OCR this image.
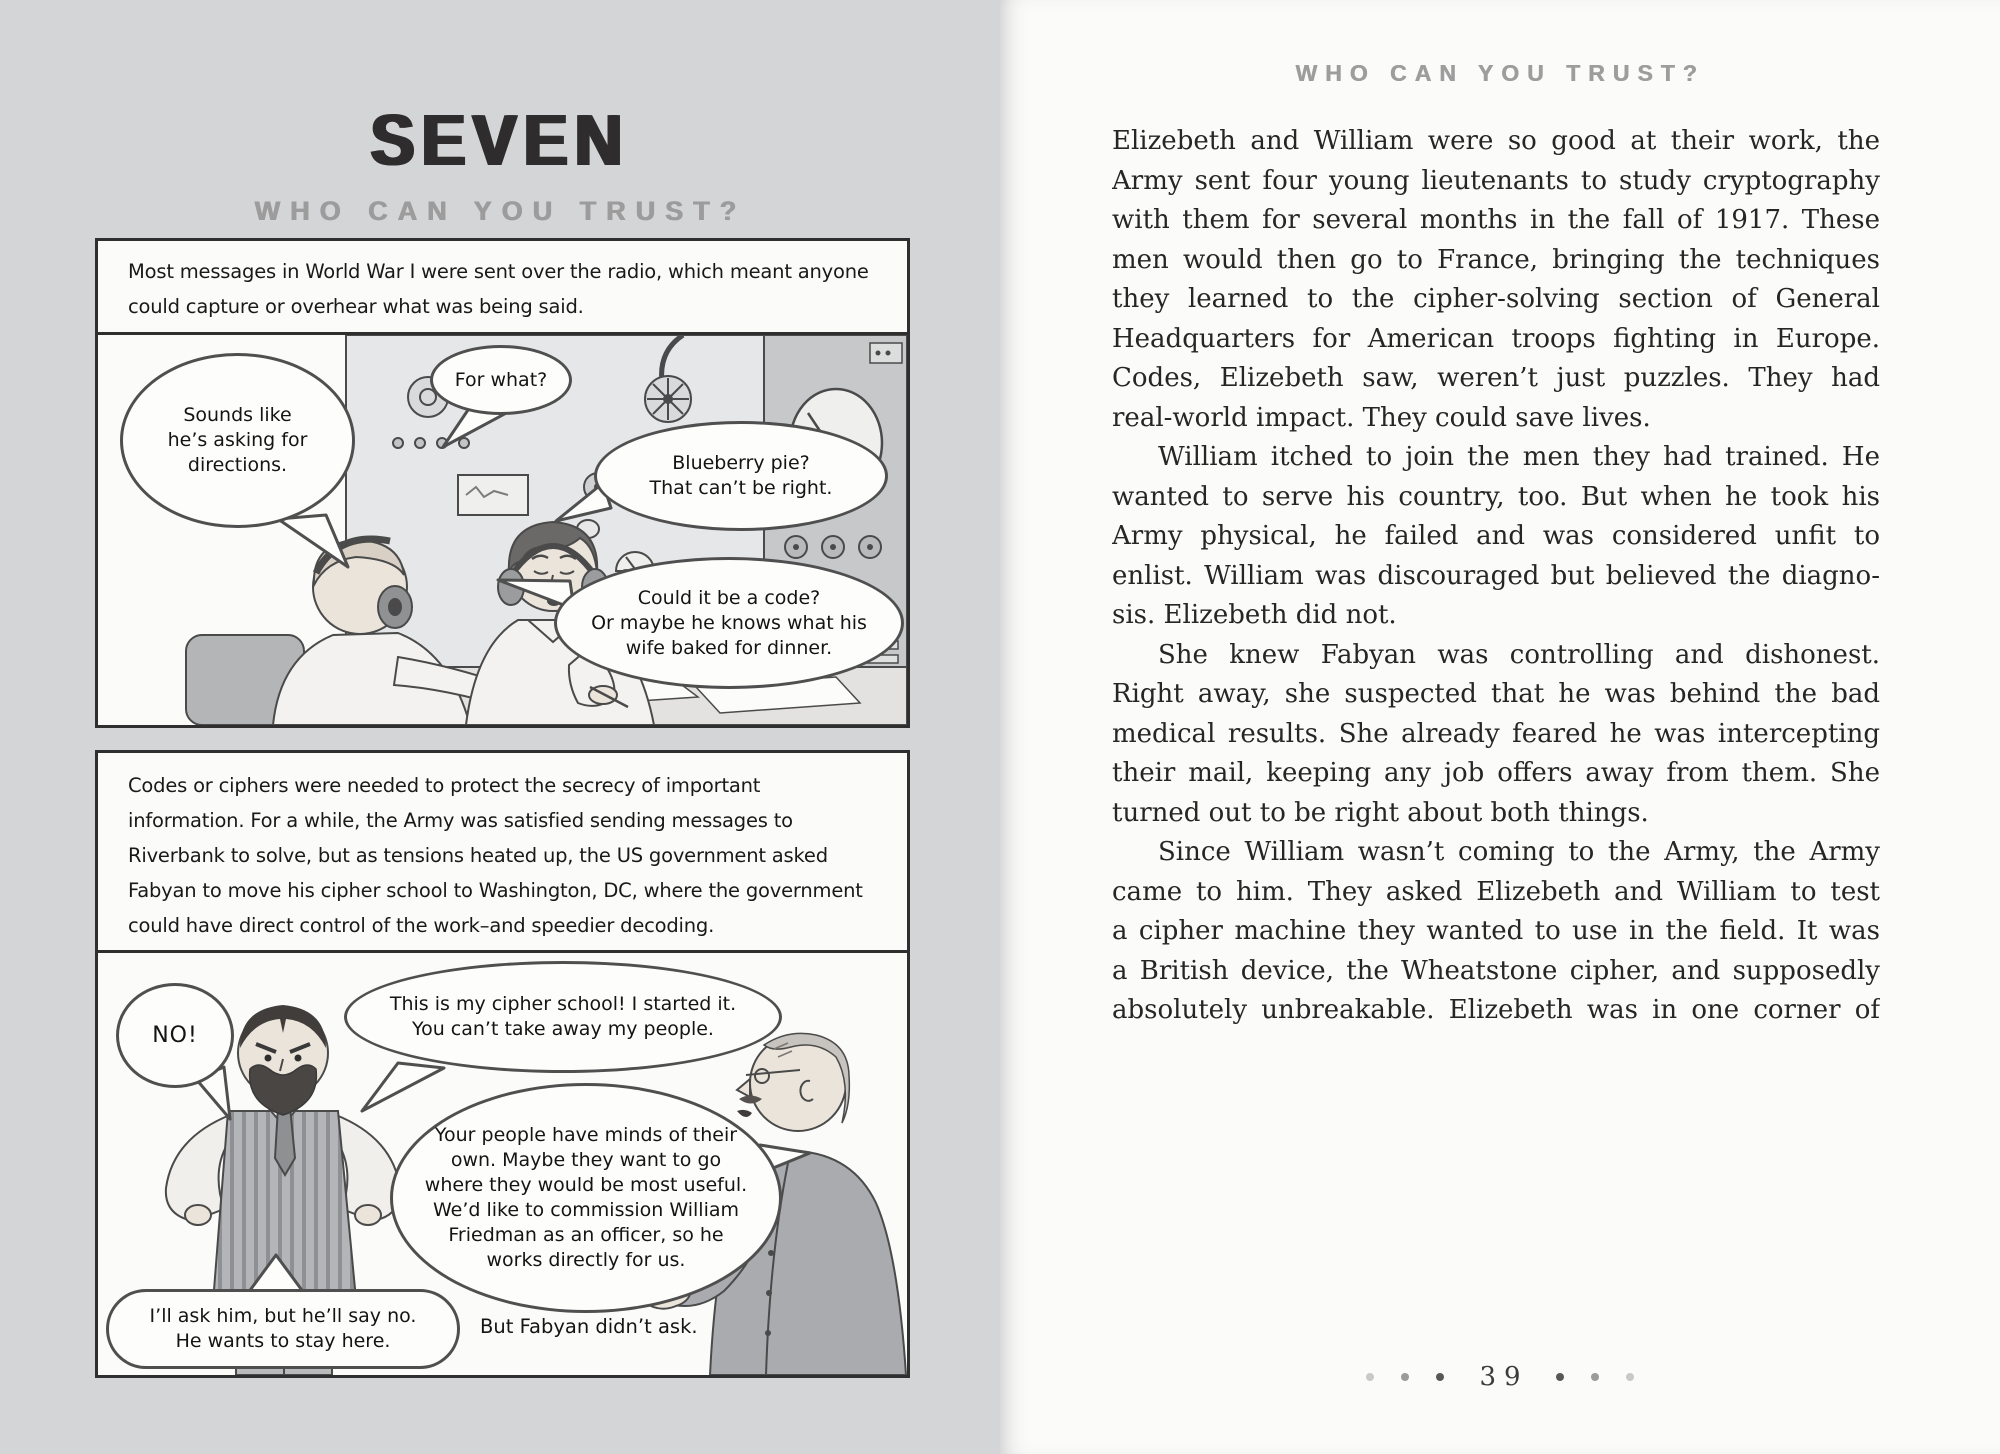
SEVEN
WHO CAN YOU TRUST?
Most messages in World War I were sent over the radio, which meant anyone
could capture or overhear what was being said.
Sounds like
he’s asking for
directions.
For what?
Blueberry pie?
That can’t be right.
Could it be a code?
Or maybe he knows what his
wife baked for dinner.
Codes or ciphers were needed to protect the secrecy of important
information. For a while, the Army was satisfied sending messages to
Riverbank to solve, but as tensions heated up, the US government asked
Fabyan to move his cipher school to Washington, DC, where the government
could have direct control of the work–and speedier decoding.
NO!
This is my cipher school! I started it.
You can’t take away my people.
Your people have minds of their
own. Maybe they want to go
where they would be most useful.
We’d like to commission William
Friedman as an officer, so he
works directly for us.
I’ll ask him, but he’ll say no.
He wants to stay here.
But Fabyan didn’t ask.
WHO CAN YOU TRUST?
Elizebeth and William were so good at their work, the
Army sent four young lieutenants to study cryptography
with them for several months in the fall of 1917. These
men would then go to France, bringing the techniques
they learned to the cipher-solving section of General
Headquarters for American troops fighting in Europe.
Codes, Elizebeth saw, weren’t just puzzles. They had
real-world impact. They could save lives.
William itched to join the men they had trained. He
wanted to serve his country, too. But when he took his
Army physical, he failed and was considered unfit to
enlist. William was discouraged but believed the diagno-
sis. Elizebeth did not.
She knew Fabyan was controlling and dishonest.
Right away, she suspected that he was behind the bad
medical results. She already feared he was intercepting
their mail, keeping any job offers away from them. She
turned out to be right about both things.
Since William wasn’t coming to the Army, the Army
came to him. They asked Elizebeth and William to test
a cipher machine they wanted to use in the field. It was
a British device, the Wheatstone cipher, and supposedly
absolutely unbreakable. Elizebeth was in one corner of
39
